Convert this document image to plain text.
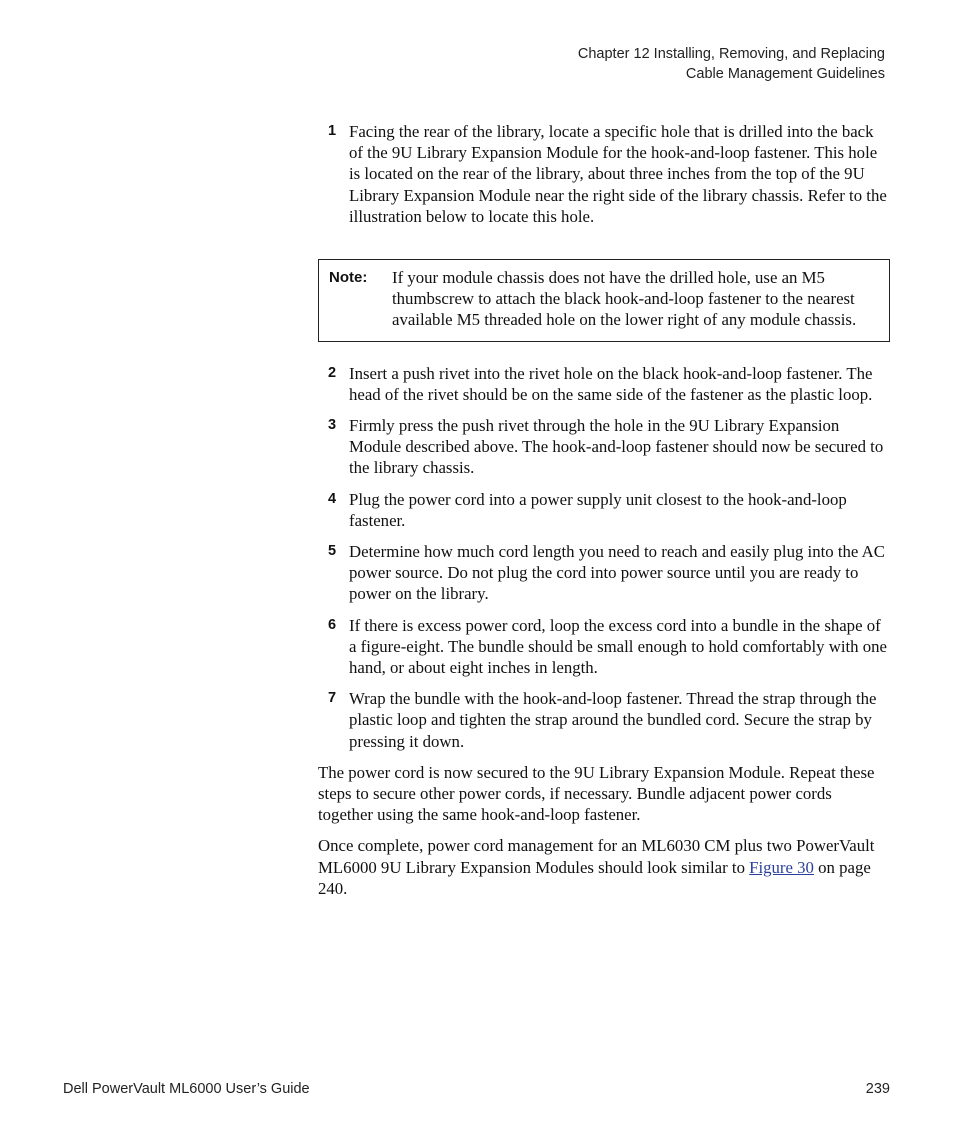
Chapter 12 Installing, Removing, and Replacing
Cable Management Guidelines
1 Facing the rear of the library, locate a specific hole that is drilled into the back of the 9U Library Expansion Module for the hook-and-loop fastener. This hole is located on the rear of the library, about three inches from the top of the 9U Library Expansion Module near the right side of the library chassis. Refer to the illustration below to locate this hole.
Note:	If your module chassis does not have the drilled hole, use an M5 thumbscrew to attach the black hook-and-loop fastener to the nearest available M5 threaded hole on the lower right of any module chassis.
2 Insert a push rivet into the rivet hole on the black hook-and-loop fastener. The head of the rivet should be on the same side of the fastener as the plastic loop.
3 Firmly press the push rivet through the hole in the 9U Library Expansion Module described above. The hook-and-loop fastener should now be secured to the library chassis.
4 Plug the power cord into a power supply unit closest to the hook-and-loop fastener.
5 Determine how much cord length you need to reach and easily plug into the AC power source. Do not plug the cord into power source until you are ready to power on the library.
6 If there is excess power cord, loop the excess cord into a bundle in the shape of a figure-eight. The bundle should be small enough to hold comfortably with one hand, or about eight inches in length.
7 Wrap the bundle with the hook-and-loop fastener. Thread the strap through the plastic loop and tighten the strap around the bundled cord. Secure the strap by pressing it down.
The power cord is now secured to the 9U Library Expansion Module. Repeat these steps to secure other power cords, if necessary. Bundle adjacent power cords together using the same hook-and-loop fastener.
Once complete, power cord management for an ML6030 CM plus two PowerVault ML6000 9U Library Expansion Modules should look similar to Figure 30 on page 240.
Dell PowerVault ML6000 User’s Guide	239
